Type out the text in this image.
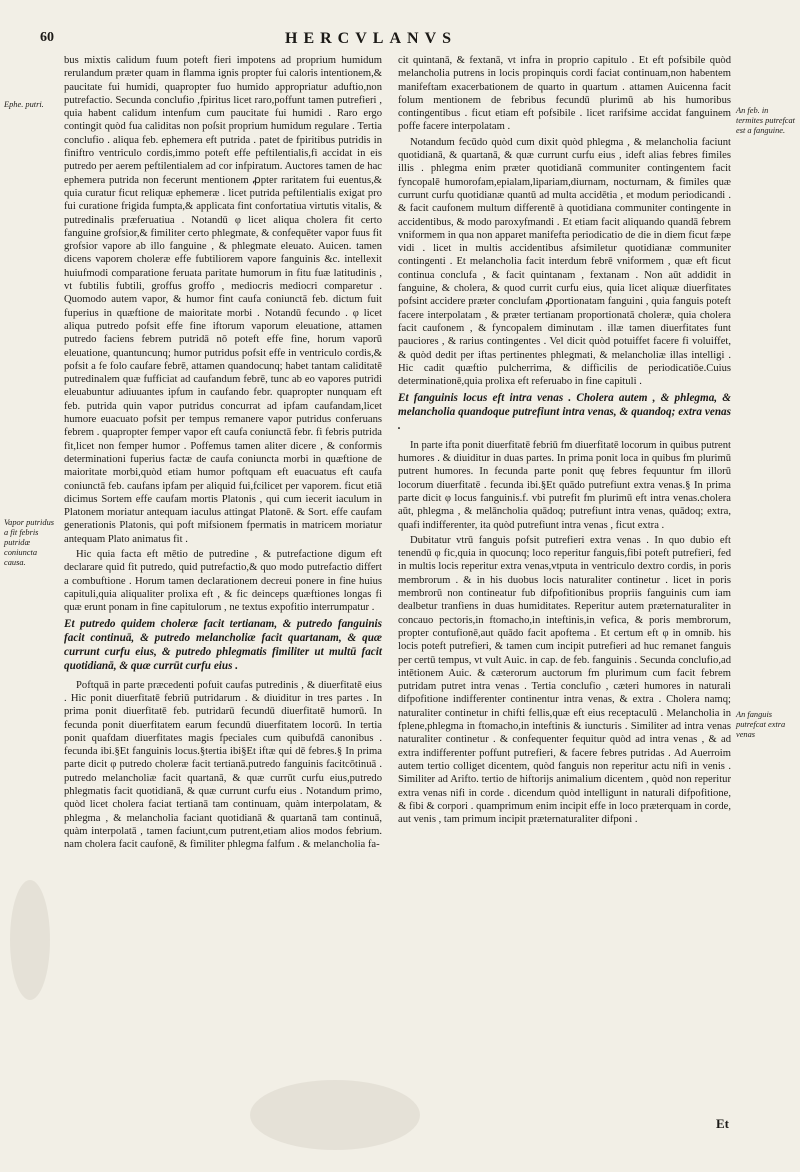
60	HERCVLANVS
Ephe. putri.
Vapor putridus a fit febris putridæ coniuncta causa.
An feb. in termites putrefcat est a fanguine.
An fanguis putrefcat extra venas

bus mixtis calidum fuum poteft fieri impotens ad proprium humidum rerulandum præter quam in flamma ignis propter fui caloris intentionem,& paucitate fui humidi, quapropter fuo humido appropriatur aduftio,non putrefactio. Secunda conclufio ,fpiritus licet raro,poffunt tamen putrefieri , quia habent calidum intenfum cum paucitate fui humidi . Raro ergo contingit quòd fua caliditas non poſsit proprium humidum regulare . Tertia conclufio . aliqua feb. ephemera eft putrida . patet de fpiritibus putridis in finiftro ventriculo cordis,immo poteft effe peftilentialis,fi accidat in eis putredo per aerem peftilentialem ad cor infpiratum. Auctores tamen de hac ephemera putrida non fecerunt mentionem ꝓpter raritatem fui euentus,& quia curatur ficut reliquæ ephemeræ . licet putrida peftilentialis exigat pro fui curatione frigida fumpta,& applicata fint confortatiua virtutis vitalis, & putredinalis præferuatiua . Notandū φ licet aliqua cholera fit certo fanguine grofsior,& fimiliter certo phlegmate, & confequēter vapor fuus fit grofsior vapore ab illo fanguine , & phlegmate eleuato. Auicen. tamen dicens vaporem choleræ effe fubtiliorem vapore fanguinis &c. intellexit huiufmodi comparatione feruata paritate humorum in fitu fuæ latitudinis , vt fubtilis fubtili, groffus groffo , mediocris mediocri comparetur . Quomodo autem vapor, & humor fint caufa coniunctā feb. dictum fuit fuperius in quæftione de maioritate morbi . Notandū fecundo . φ licet aliqua putredo pofsit effe fine iftorum vaporum eleuatione, attamen putredo faciens febrem putridā nō poteft effe fine, horum vaporū eleuatione, quantuncunq; humor putridus pofsit effe in ventriculo cordis,& pofsit a fe folo caufare febrē, attamen quandocunq; habet tantam caliditatē putredinalem quæ fufficiat ad caufandum febrē, tunc ab eo vapores putridi eleuabuntur adiuuantes ipfum in caufando febr. quapropter nunquam eft feb. putrida quin vapor putridus concurrat ad ipfam caufandam,licet humore euacuato pofsit per tempus remanere vapor putridus conferuans febrem . quapropter femper vapor eft caufa coniunctā febr. fi febris putrida fit,licet non femper humor . Poffemus tamen aliter dicere , & conformis determinationi fuperius factæ de caufa coniuncta morbi in quæftione de maioritate morbi,quòd etiam humor poftquam eft euacuatus eft caufa coniunctā feb. caufans ipfam per aliquid fui,fcilicet per vaporem. ficut etiā dicimus Sortem effe caufam mortis Platonis , qui cum iecerit iaculum in Platonem moriatur antequam iaculus attingat Platonē. & Sort. effe caufam generationis Platonis, qui poft mifsionem fpermatis in matricem moriatur antequam Plato animatus fit .

Hic quia facta eft mētio de putredine , & putrefactione digum eft declarare quid fit putredo, quid putrefactio,& quo modo putrefactio differt a combuftione . Horum tamen declarationem decreui ponere in fine huius capituli,quia aliqualiter prolixa eft , & fic deinceps quæftiones longas fi quæ erunt ponam in fine capitulorum , ne textus expofitio interrumpatur .

Et putredo quidem choleræ facit tertianam, & putredo fanguinis facit continuā, & putredo melancholiæ facit quartanam, & quæ currunt curfu eius, & putredo phlegmatis fimiliter ut multū facit quotidianā, & quæ currūt curfu eius .

Poftquā in parte præcedenti pofuit caufas putredinis , & diuerfitatē eius . Hic ponit diuerfitatē febriū putridarum . & diuiditur in tres partes . In prima ponit diuerfitatē feb. putridarū fecundū diuerfitatē humorū. In fecunda ponit diuerfitatem earum fecundū diuerfitatem locorū. In tertia ponit quafdam diuerfitates magis fpeciales cum quibufdā canonibus . fecunda ibi.§Et fanguinis locus.§tertia ibi§Et iftæ qui dē febres.§ In prima parte dicit φ putredo choleræ facit tertianā.putredo fanguinis facitcōtinuā . putredo melancholiæ facit quartanā, & quæ currūt curfu eius,putredo phlegmatis facit quotidianā, & quæ currunt curfu eius . Notandum primo, quòd licet cholera faciat tertianā tam continuam, quàm interpolatam, & phlegma , & melancholia faciant quotidianā & quartanā tam continuā, quàm interpolatā , tamen faciunt,cum putrent,etiam alios modos febrium. nam cholera facit caufonē, & fimiliter phlegma falfum . & melancholia fa-

cit quintanā, & fextanā, vt infra in proprio capitulo . Et eft pofsibile quòd melancholia putrens in locis propinquis cordi faciat continuam,non habentem manifeftam exacerbationem de quarto in quartum . attamen Auicenna facit folum mentionem de febribus fecundū plurimū ab his humoribus contingentibus . ficut etiam eft pofsibile . licet rarifsime accidat fanguinem poffe facere interpolatam .

Notandum fecūdo quòd cum dixit quòd phlegma , & melancholia faciunt quotidianā, & quartanā, & quæ currunt curfu eius , ideft alias febres fimiles illis . phlegma enim præter quotidianā communiter contingentem facit fyncopalē humorofam,epialam,lipariam,diurnam, nocturnam, & fimiles quæ currunt curfu quotidianæ quantū ad multa accidētia , et modum periodicandi . & facit caufonem multum differentē à quotidiana communiter contingente in accidentibus, & modo paroxyfmandi . Et etiam facit aliquando quandā febrem vniformem in qua non apparet manifefta periodicatio de die in diem ficut fæpe vidi . licet in multis accidentibus afsimiletur quotidianæ communiter contingenti . Et melancholia facit interdum febrē vniformem , quæ eft ficut continua conclufa , & facit quintanam , fextanam . Non aūt addidit in fanguine, & cholera, & quod currit curfu eius, quia licet aliquæ diuerfitates pofsint accidere præter conclufam ꝓportionatam fanguini , quia fanguis poteft facere interpolatam , & præter tertianam proportionatā choleræ, quia cholera facit caufonem , & fyncopalem diminutam . illæ tamen diuerfitates funt pauciores , & rarius contingentes . Vel dicit quòd potuiffet facere fi voluiffet, & quòd dedit per iftas pertinentes phlegmati, & melancholiæ illas intelligi . Hic cadit quæftio pulcherrima, & difficilis de periodicatiōe.Cuius determinationē,quia prolixa eft referuabo in fine capituli .

Et fanguinis locus eft intra venas . Cholera autem , & phlegma, & melancholia quandoque putrefiunt intra venas, & quandoq; extra venas .

In parte ifta ponit diuerfitatē febriū fm diuerfitatē locorum in quibus putrent humores . & diuiditur in duas partes. In prima ponit loca in quibus fm plurimū putrent humores. In fecunda parte ponit quę febres fequuntur fm illorū locorum diuerfitatē . fecunda ibi.§Et quādo putrefiunt extra venas.§ In prima parte dicit φ locus fanguinis.f. vbi putrefit fm plurimū eft intra venas.cholera aūt, phlegma , & melāncholia quādoq; putrefiunt intra venas, quādoq; extra, quafi indifferenter, ita quòd putrefiunt intra venas , ficut extra .

Dubitatur vtrū fanguis pofsit putrefieri extra venas . In quo dubio eft tenendū φ fic,quia in quocunq; loco reperitur fanguis,fibi poteft putrefieri, fed in multis locis reperitur extra venas,vtputa in ventriculo dextro cordis, in poris membrorum . & in his duobus locis naturaliter continetur . licet in poris membrorū non contineatur fub difpofitionibus propriis fanguinis cum iam dealbetur tranfiens in duas humiditates. Reperitur autem præternaturaliter in concauo pectoris,in ftomacho,in inteftinis,in vefica, & poris membrorum, propter contufionē,aut quādo facit apoftema . Et certum eft φ in omnib. his locis poteft putrefieri, & tamen cum incipit putrefieri ad huc remanet fanguis per certū tempus, vt vult Auic. in cap. de feb. fanguinis . Secunda conclufio,ad intētionem Auic. & cæterorum auctorum fm plurimum cum facit febrem putridam putret intra venas . Tertia conclufio , cæteri humores in naturali difpofitione indifferenter continentur intra venas, & extra . Cholera namq; naturaliter continetur in chifti fellis,quæ eft eius receptaculū . Melancholia in fplene,phlegma in ftomacho,in inteftinis & iuncturis . Similiter ad intra venas naturaliter continetur . & confequenter fequitur quòd ad intra venas , & ad extra indifferenter poffunt putrefieri, & facere febres putridas . Ad Auerroim autem tertio colliget dicentem, quòd fanguis non reperitur actu nifi in venis . Similiter ad Arifto. tertio de hiftorijs animalium dicentem , quòd non reperitur extra venas nifi in corde . dicendum quòd intelligunt in naturali difpofitione, & fibi & corpori . quamprimum enim incipit effe in loco præterquam in corde, aut venis , tam primum incipit præternaturaliter difponi .

Et
